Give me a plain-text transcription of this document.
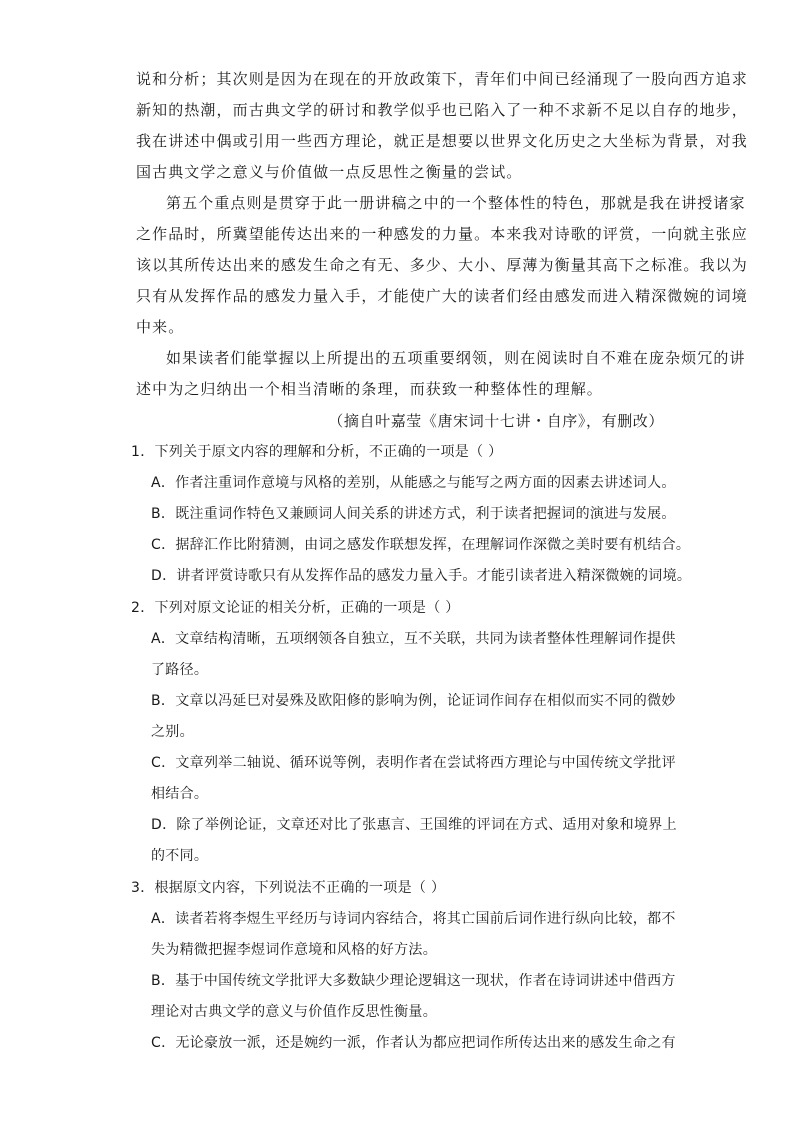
说和分析；其次则是因为在现在的开放政策下，青年们中间已经涌现了一股向西方追求
新知的热潮，而古典文学的研讨和教学似乎也已陷入了一种不求新不足以自存的地步，
我在讲述中偶或引用一些西方理论，就正是想要以世界文化历史之大坐标为背景，对我
国古典文学之意义与价值做一点反思性之衡量的尝试。
第五个重点则是贯穿于此一册讲稿之中的一个整体性的特色，那就是我在讲授诸家
之作品时，所冀望能传达出来的一种感发的力量。本来我对诗歌的评赏，一向就主张应
该以其所传达出来的感发生命之有无、多少、大小、厚薄为衡量其高下之标准。我以为
只有从发挥作品的感发力量入手，才能使广大的读者们经由感发而进入精深微婉的词境
中来。
如果读者们能掌握以上所提出的五项重要纲领，则在阅读时自不难在庞杂烦冗的讲
述中为之归纳出一个相当清晰的条理，而获致一种整体性的理解。
（摘自叶嘉莹《唐宋词十七讲・自序》，有删改）
1．下列关于原文内容的理解和分析，不正确的一项是（ ）
A．作者注重词作意境与风格的差别，从能感之与能写之两方面的因素去讲述词人。
B．既注重词作特色又兼顾词人间关系的讲述方式，利于读者把握词的演进与发展。
C．据辞汇作比附猜测，由词之感发作联想发挥，在理解词作深微之美时要有机结合。
D．讲者评赏诗歌只有从发挥作品的感发力量入手。才能引读者进入精深微婉的词境。
2．下列对原文论证的相关分析，正确的一项是（ ）
A．文章结构清晰，五项纲领各自独立，互不关联，共同为读者整体性理解词作提供
了路径。
B．文章以冯延巳对晏殊及欧阳修的影响为例，论证词作间存在相似而实不同的微妙
之别。
C．文章列举二轴说、循环说等例，表明作者在尝试将西方理论与中国传统文学批评
相结合。
D．除了举例论证，文章还对比了张惠言、王国维的评词在方式、适用对象和境界上
的不同。
3．根据原文内容，下列说法不正确的一项是（ ）
A．读者若将李煜生平经历与诗词内容结合，将其亡国前后词作进行纵向比较，都不
失为精微把握李煜词作意境和风格的好方法。
B．基于中国传统文学批评大多数缺少理论逻辑这一现状，作者在诗词讲述中借西方
理论对古典文学的意义与价值作反思性衡量。
C．无论豪放一派，还是婉约一派，作者认为都应把词作所传达出来的感发生命之有
